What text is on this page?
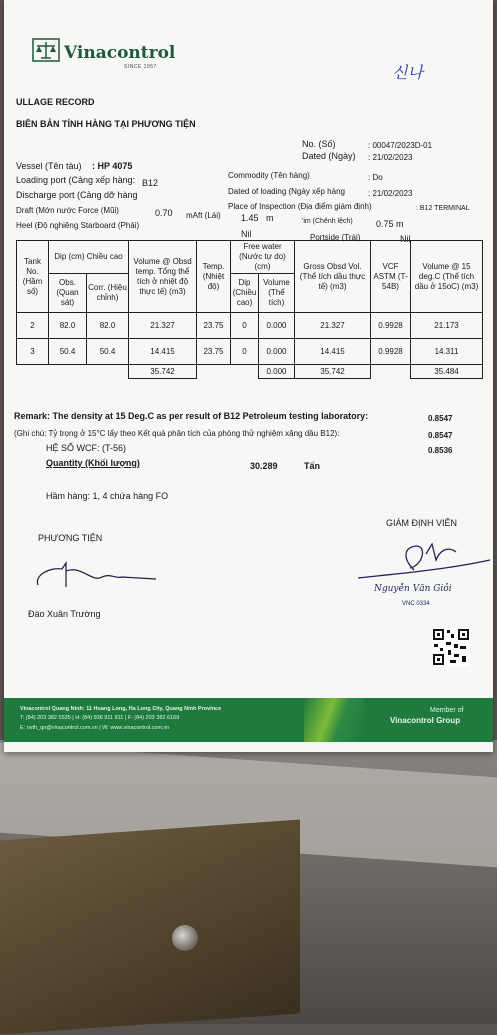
Vinacontrol
SINCE 1957	신나
ULLAGE RECORD
BIÊN BẢN TÍNH HÀNG TẠI PHƯƠNG TIỆN
No. (Số)	: 00047/2023D-01
Dated (Ngày) : 21/02/2023
Vessel (Tên tàu) : HP 4075
Commodity (Tên hàng)	: Do
Loading port (Cảng xếp hàng: B12
Dated of loading (Ngày xếp hàng	: 21/02/2023
Discharge port (Cảng dỡ hàng
Place of Inspection (Địa điểm giám định)	: B12 TERMINAL
Draft (Mớn nước Force (Mũi)	0.70 mAft (Lái) 1.45 m	'im (Chênh lệch)	0.75 m
Heel (Độ nghiêng Starboard (Phải)
Nil	Portside (Trái)	Nil
Tank No. (Hầm số)	Dip (cm) Chiều cao		Volume @ Obsd temp. Tổng thể tích ở nhiệt độ thực tế) (m3)	Temp. (Nhiệt độ)	Free water (Nước tự do) (cm)		Gross Obsd Vol. (Thể tích dầu thực tế) (m3)	VCF ASTM (T-54B)	Volume @ 15 deg.C (Thể tích dầu ở 15oC) (m3)
	Obs. (Quan sát)	Corr. (Hiệu chỉnh)			Dip (Chiều cao)	Volume (Thể tích)			
2	82.0	82.0	21.327	23.75	0	0.000	21.327	0.9928	21.173
3	50.4	50.4	14.415	23.75	0	0.000	14.415	0.9928	14.311
			35.742			0.000	35.742		35.484
Remark: The density at 15 Deg.C as per result of B12 Petroleum testing laboratory:	0.8547
(Ghi chú: Tỷ trọng ở 15°C lấy theo Kết quả phân tích của phòng thử nghiệm xăng dầu B12):	0.8547
HỆ SỐ WCF: (T-56)	0.8536
Quantity (Khối lượng)	30.289	Tấn
Hầm hàng: 1, 4 chứa hàng FO
GIÁM ĐỊNH VIÊN
PHƯƠNG TIỆN
Nguyễn Văn Giỏi
VNC 0334
Đào Xuân Trường
Vinacontrol Quang Ninh: 11 Hoang Long, Ha Long City, Quang Ninh Province
T: (84) 203 382 5535 | H: (84) 936 911 811 | F: (84) 203 382 6169
E: nvth_qn@vinacontrol.com.vn | W: www.vinacontrol.com.vn
Member of
Vinacontrol Group
